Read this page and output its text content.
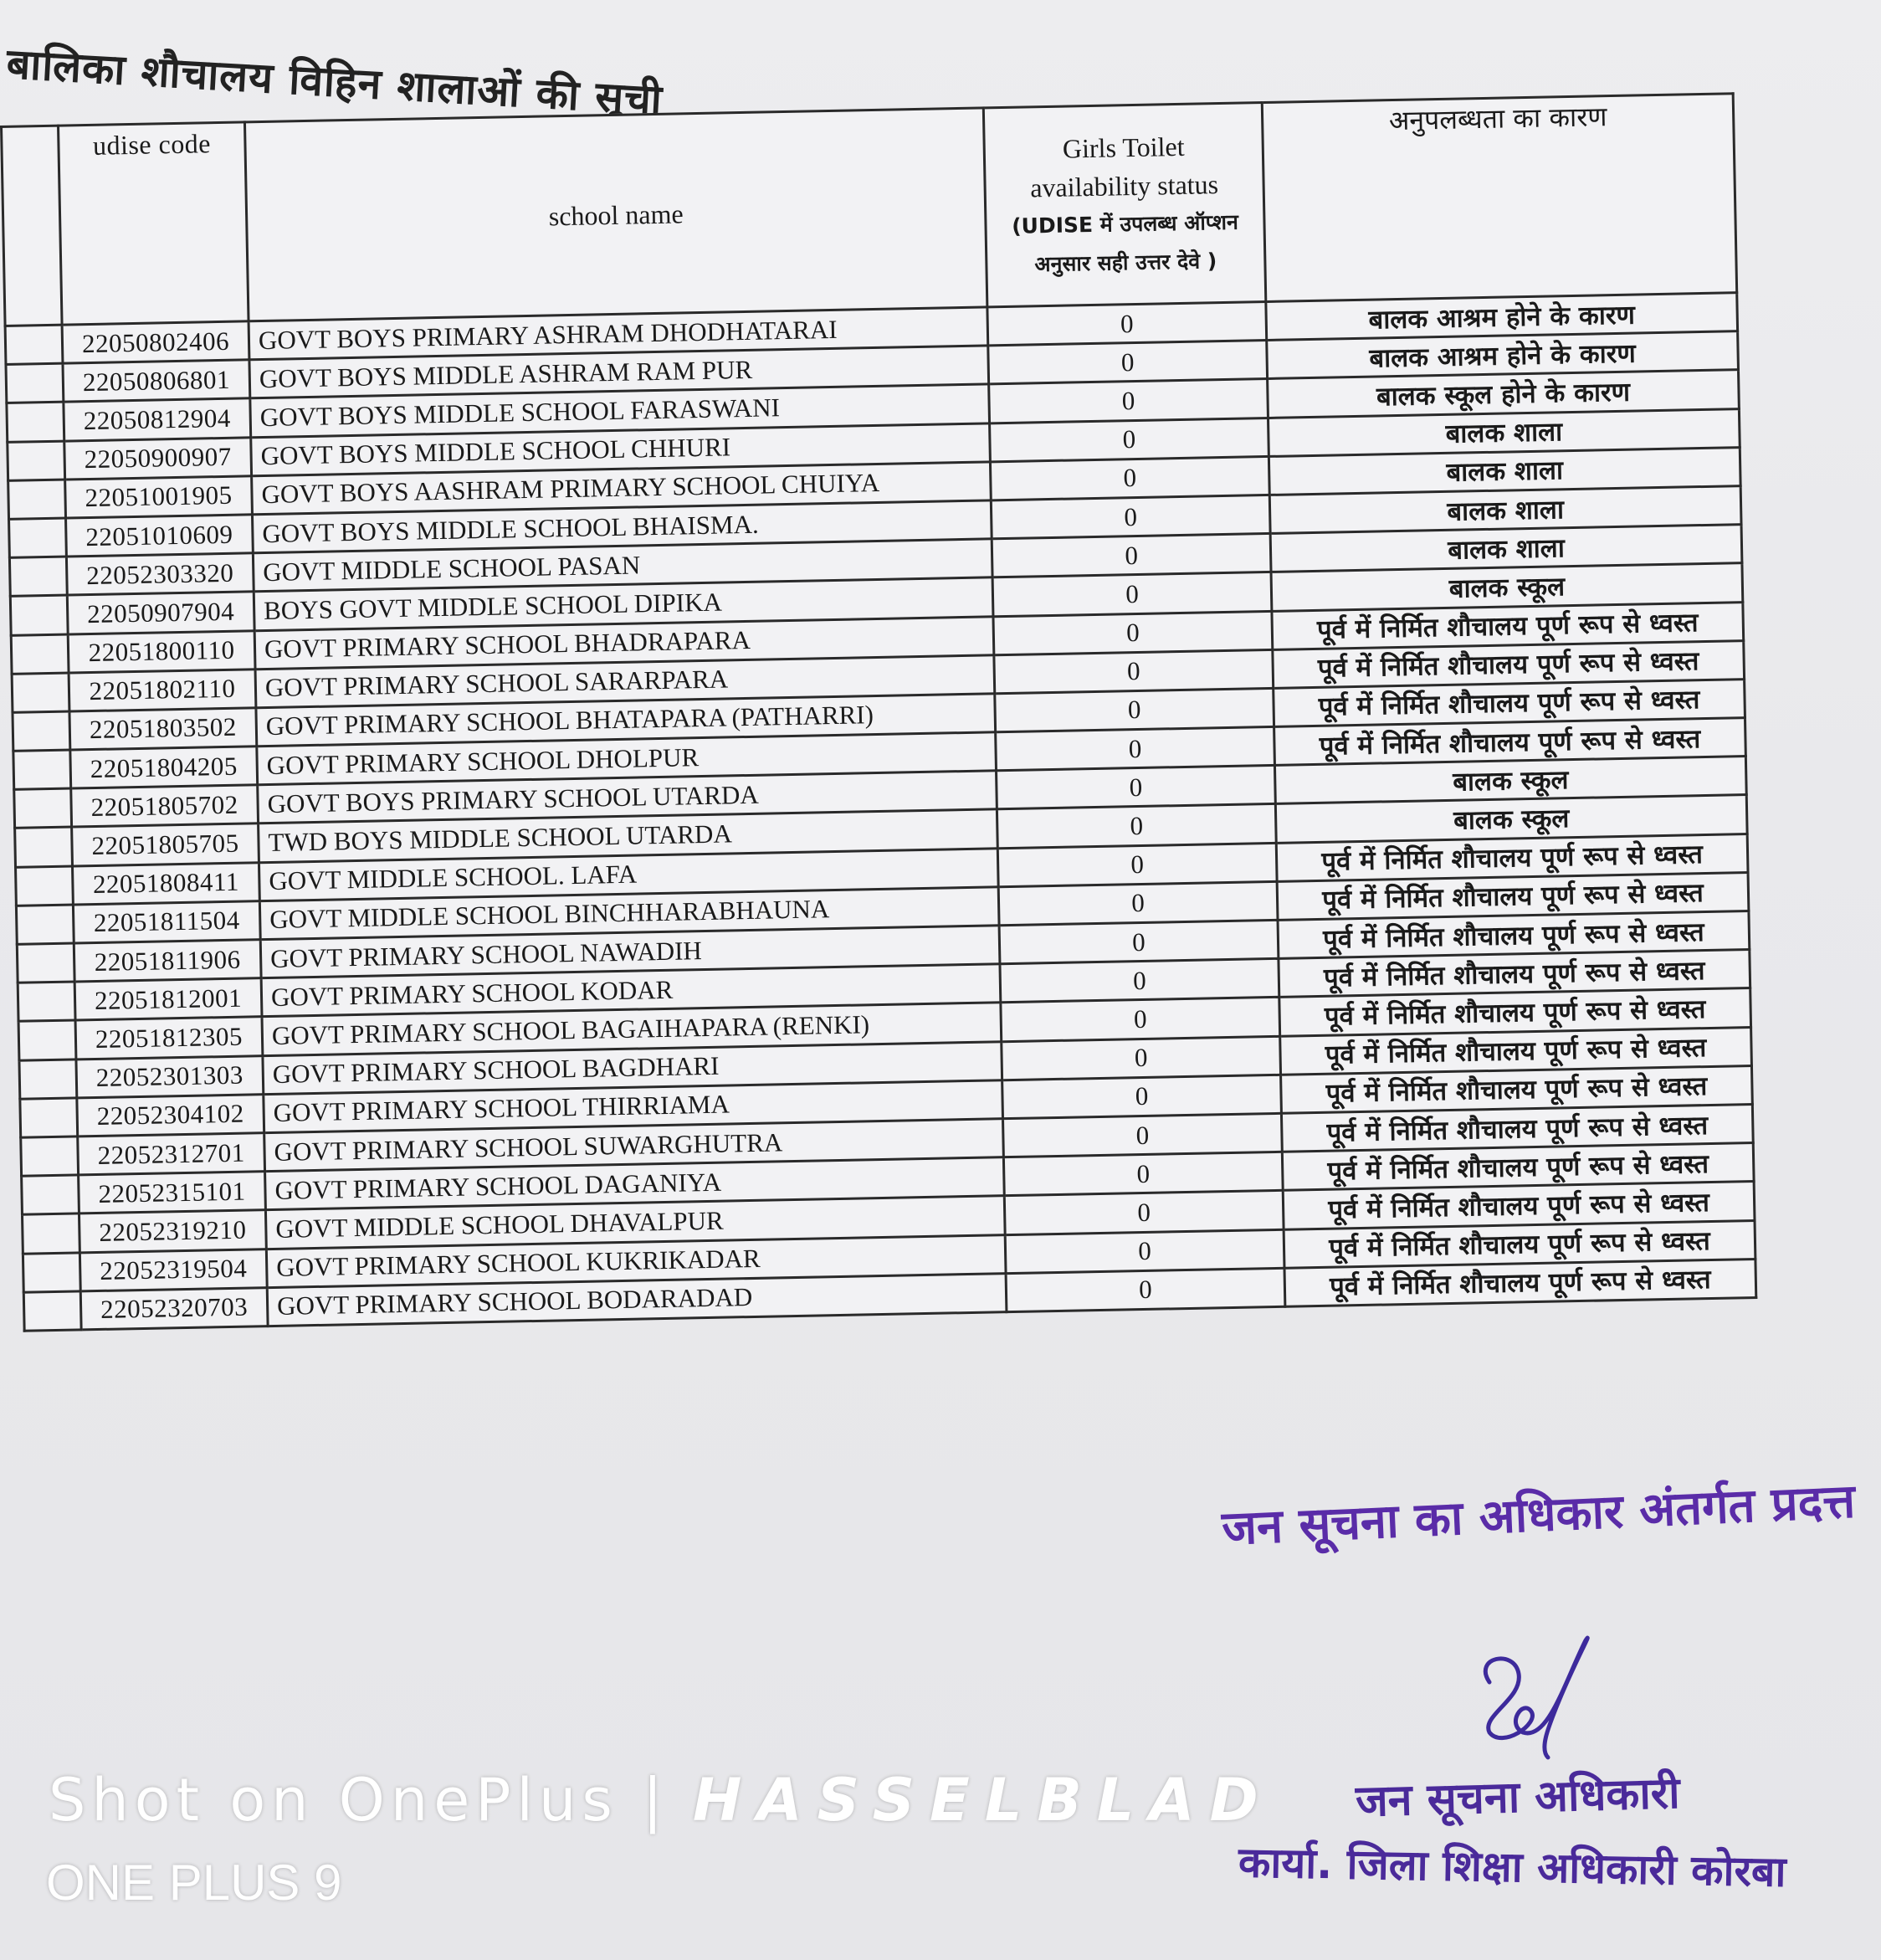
बालिका शौचालय विहिन शालाओं की सूची
	udise code	school name	Girls Toilet
availability status
(UDISE में उपलब्ध ऑप्शन
अनुसार सही उत्तर देवे )	अनुपलब्धता का कारण
	22050802406	GOVT BOYS PRIMARY ASHRAM DHODHATARAI	0	बालक आश्रम होने के कारण
	22050806801	GOVT BOYS MIDDLE ASHRAM RAM PUR	0	बालक आश्रम होने के कारण
	22050812904	GOVT BOYS MIDDLE SCHOOL FARASWANI	0	बालक स्कूल होने के कारण
	22050900907	GOVT BOYS MIDDLE SCHOOL CHHURI	0	बालक शाला
	22051001905	GOVT BOYS AASHRAM PRIMARY SCHOOL CHUIYA	0	बालक शाला
	22051010609	GOVT BOYS MIDDLE SCHOOL BHAISMA.	0	बालक शाला
	22052303320	GOVT MIDDLE SCHOOL PASAN	0	बालक शाला
	22050907904	BOYS GOVT MIDDLE SCHOOL DIPIKA	0	बालक स्कूल
	22051800110	GOVT PRIMARY SCHOOL BHADRAPARA	0	पूर्व में निर्मित शौचालय पूर्ण रूप से ध्वस्त
	22051802110	GOVT PRIMARY SCHOOL SARARPARA	0	पूर्व में निर्मित शौचालय पूर्ण रूप से ध्वस्त
	22051803502	GOVT PRIMARY SCHOOL BHATAPARA (PATHARRI)	0	पूर्व में निर्मित शौचालय पूर्ण रूप से ध्वस्त
	22051804205	GOVT PRIMARY SCHOOL DHOLPUR	0	पूर्व में निर्मित शौचालय पूर्ण रूप से ध्वस्त
	22051805702	GOVT BOYS PRIMARY SCHOOL UTARDA	0	बालक स्कूल
	22051805705	TWD BOYS MIDDLE SCHOOL UTARDA	0	बालक स्कूल
	22051808411	GOVT MIDDLE SCHOOL. LAFA	0	पूर्व में निर्मित शौचालय पूर्ण रूप से ध्वस्त
	22051811504	GOVT MIDDLE SCHOOL BINCHHARABHAUNA	0	पूर्व में निर्मित शौचालय पूर्ण रूप से ध्वस्त
	22051811906	GOVT PRIMARY SCHOOL NAWADIH	0	पूर्व में निर्मित शौचालय पूर्ण रूप से ध्वस्त
	22051812001	GOVT PRIMARY SCHOOL KODAR	0	पूर्व में निर्मित शौचालय पूर्ण रूप से ध्वस्त
	22051812305	GOVT PRIMARY SCHOOL BAGAIHAPARA (RENKI)	0	पूर्व में निर्मित शौचालय पूर्ण रूप से ध्वस्त
	22052301303	GOVT PRIMARY SCHOOL BAGDHARI	0	पूर्व में निर्मित शौचालय पूर्ण रूप से ध्वस्त
	22052304102	GOVT PRIMARY SCHOOL THIRRIAMA	0	पूर्व में निर्मित शौचालय पूर्ण रूप से ध्वस्त
	22052312701	GOVT PRIMARY SCHOOL SUWARGHUTRA	0	पूर्व में निर्मित शौचालय पूर्ण रूप से ध्वस्त
	22052315101	GOVT PRIMARY SCHOOL DAGANIYA	0	पूर्व में निर्मित शौचालय पूर्ण रूप से ध्वस्त
	22052319210	GOVT MIDDLE SCHOOL DHAVALPUR	0	पूर्व में निर्मित शौचालय पूर्ण रूप से ध्वस्त
	22052319504	GOVT PRIMARY SCHOOL KUKRIKADAR	0	पूर्व में निर्मित शौचालय पूर्ण रूप से ध्वस्त
	22052320703	GOVT PRIMARY SCHOOL BODARADAD	0	पूर्व में निर्मित शौचालय पूर्ण रूप से ध्वस्त
जन सूचना का अधिकार अंतर्गत प्रदत्त
जन सूचना अधिकारी
कार्या. जिला शिक्षा अधिकारी कोरबा
Shot on OnePlus | HASSELBLAD
ONE PLUS 9
